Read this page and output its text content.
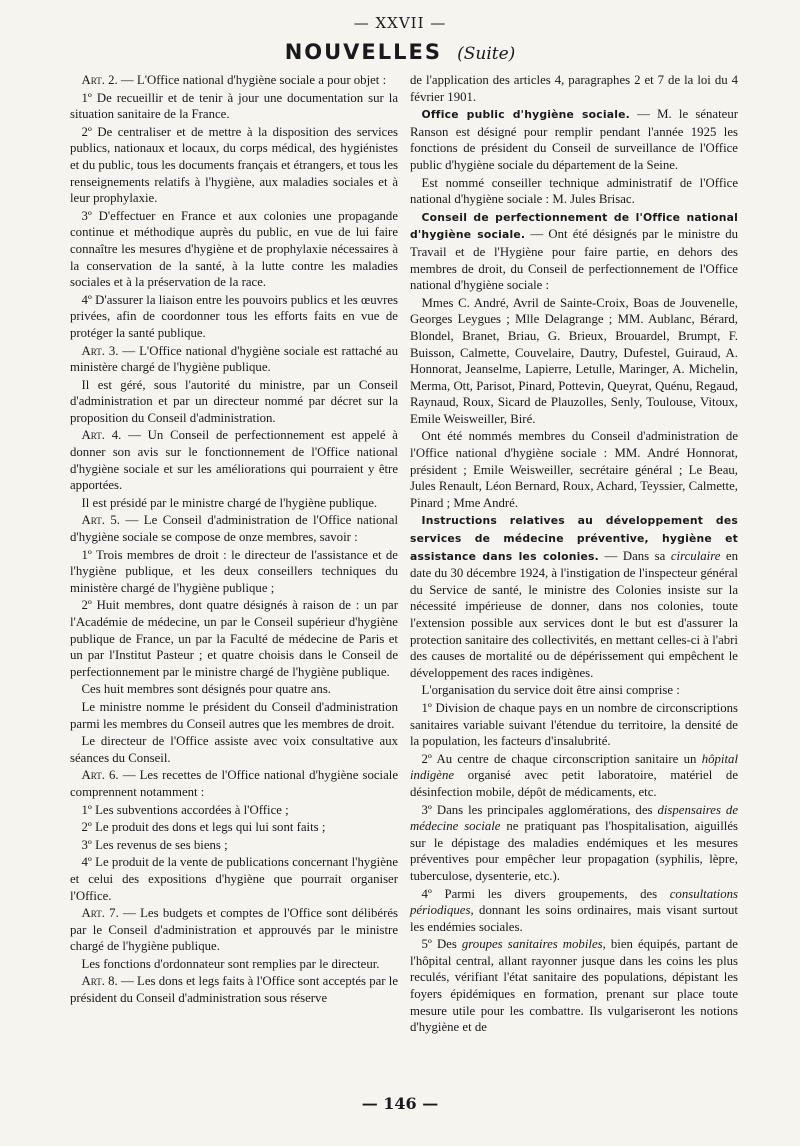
— XXVII —
NOUVELLES (Suite)

Art. 2. — L'Office national d'hygiène sociale a pour objet :

1º De recueillir et de tenir à jour une documentation sur la situation sanitaire de la France.

2º De centraliser et de mettre à la disposition des services publics, nationaux et locaux, du corps médical, des hygiénistes et du public, tous les documents français et étrangers, et tous les renseignements relatifs à l'hygiène, aux maladies sociales et à leur prophylaxie.

3º D'effectuer en France et aux colonies une propagande continue et méthodique auprès du public, en vue de lui faire connaître les mesures d'hygiène et de prophylaxie nécessaires à la conservation de la santé, à la lutte contre les maladies sociales et à la préservation de la race.

4º D'assurer la liaison entre les pouvoirs publics et les œuvres privées, afin de coordonner tous les efforts faits en vue de protéger la santé publique.

Art. 3. — L'Office national d'hygiène sociale est rattaché au ministère chargé de l'hygiène publique.

Il est géré, sous l'autorité du ministre, par un Conseil d'administration et par un directeur nommé par décret sur la proposition du Conseil d'administration.

Art. 4. — Un Conseil de perfectionnement est appelé à donner son avis sur le fonctionnement de l'Office national d'hygiène sociale et sur les améliorations qui pourraient y être apportées.

Il est présidé par le ministre chargé de l'hygiène publique.

Art. 5. — Le Conseil d'administration de l'Office national d'hygiène sociale se compose de onze membres, savoir :

1º Trois membres de droit : le directeur de l'assistance et de l'hygiène publique, et les deux conseillers techniques du ministère chargé de l'hygiène publique ;

2º Huit membres, dont quatre désignés à raison de : un par l'Académie de médecine, un par le Conseil supérieur d'hygiène publique de France, un par la Faculté de médecine de Paris et un par l'Institut Pasteur ; et quatre choisis dans le Conseil de perfectionnement par le ministre chargé de l'hygiène publique.

Ces huit membres sont désignés pour quatre ans.

Le ministre nomme le président du Conseil d'administration parmi les membres du Conseil autres que les membres de droit.

Le directeur de l'Office assiste avec voix consultative aux séances du Conseil.

Art. 6. — Les recettes de l'Office national d'hygiène sociale comprennent notamment :

1º Les subventions accordées à l'Office ;

2º Le produit des dons et legs qui lui sont faits ;

3º Les revenus de ses biens ;

4º Le produit de la vente de publications concernant l'hygiène et celui des expositions d'hygiène que pourrait organiser l'Office.

Art. 7. — Les budgets et comptes de l'Office sont délibérés par le Conseil d'administration et approuvés par le ministre chargé de l'hygiène publique.

Les fonctions d'ordonnateur sont remplies par le directeur.

Art. 8. — Les dons et legs faits à l'Office sont acceptés par le président du Conseil d'administration sous réserve

de l'application des articles 4, paragraphes 2 et 7 de la loi du 4 février 1901.

Office public d'hygiène sociale. — M. le sénateur Ranson est désigné pour remplir pendant l'année 1925 les fonctions de président du Conseil de surveillance de l'Office public d'hygiène sociale du département de la Seine.

Est nommé conseiller technique administratif de l'Office national d'hygiène sociale : M. Jules Brisac.

Conseil de perfectionnement de l'Office national d'hygiène sociale. — Ont été désignés par le ministre du Travail et de l'Hygiène pour faire partie, en dehors des membres de droit, du Conseil de perfectionnement de l'Office national d'hygiène sociale :

Mmes C. André, Avril de Sainte-Croix, Boas de Jouvenelle, Georges Leygues ; Mlle Delagrange ; MM. Aublanc, Bérard, Blondel, Branet, Briau, G. Brieux, Brouardel, Brumpt, F. Buisson, Calmette, Couvelaire, Dautry, Dufestel, Guiraud, A. Honnorat, Jeanselme, Lapierre, Letulle, Maringer, A. Michelin, Merma, Ott, Parisot, Pinard, Pottevin, Queyrat, Quénu, Regaud, Raynaud, Roux, Sicard de Plauzolles, Senly, Toulouse, Vitoux, Emile Weisweiller, Biré.

Ont été nommés membres du Conseil d'administration de l'Office national d'hygiène sociale : MM. André Honnorat, président ; Emile Weisweiller, secrétaire général ; Le Beau, Jules Renault, Léon Bernard, Roux, Achard, Teyssier, Calmette, Pinard ; Mme André.

Instructions relatives au développement des services de médecine préventive, hygiène et assistance dans les colonies. — Dans sa circulaire en date du 30 décembre 1924, à l'instigation de l'inspecteur général du Service de santé, le ministre des Colonies insiste sur la nécessité impérieuse de donner, dans nos colonies, toute l'extension possible aux services dont le but est d'assurer la protection sanitaire des collectivités, en mettant celles-ci à l'abri des causes de mortalité ou de dépérissement qui empêchent le développement des races indigènes.

L'organisation du service doit être ainsi comprise :

1º Division de chaque pays en un nombre de circonscriptions sanitaires variable suivant l'étendue du territoire, la densité de la population, les facteurs d'insalubrité.

2º Au centre de chaque circonscription sanitaire un hôpital indigène organisé avec petit laboratoire, matériel de désinfection mobile, dépôt de médicaments, etc.

3º Dans les principales agglomérations, des dispensaires de médecine sociale ne pratiquant pas l'hospitalisation, aiguillés sur le dépistage des maladies endémiques et les mesures préventives pour empêcher leur propagation (syphilis, lèpre, tuberculose, dysenterie, etc.).

4º Parmi les divers groupements, des consultations périodiques, donnant les soins ordinaires, mais visant surtout les endémies sociales.

5º Des groupes sanitaires mobiles, bien équipés, partant de l'hôpital central, allant rayonner jusque dans les coins les plus reculés, vérifiant l'état sanitaire des populations, dépistant les foyers épidémiques en formation, prenant sur place toute mesure utile pour les combattre. Ils vulgariseront les notions d'hygiène et de

— 146 —
